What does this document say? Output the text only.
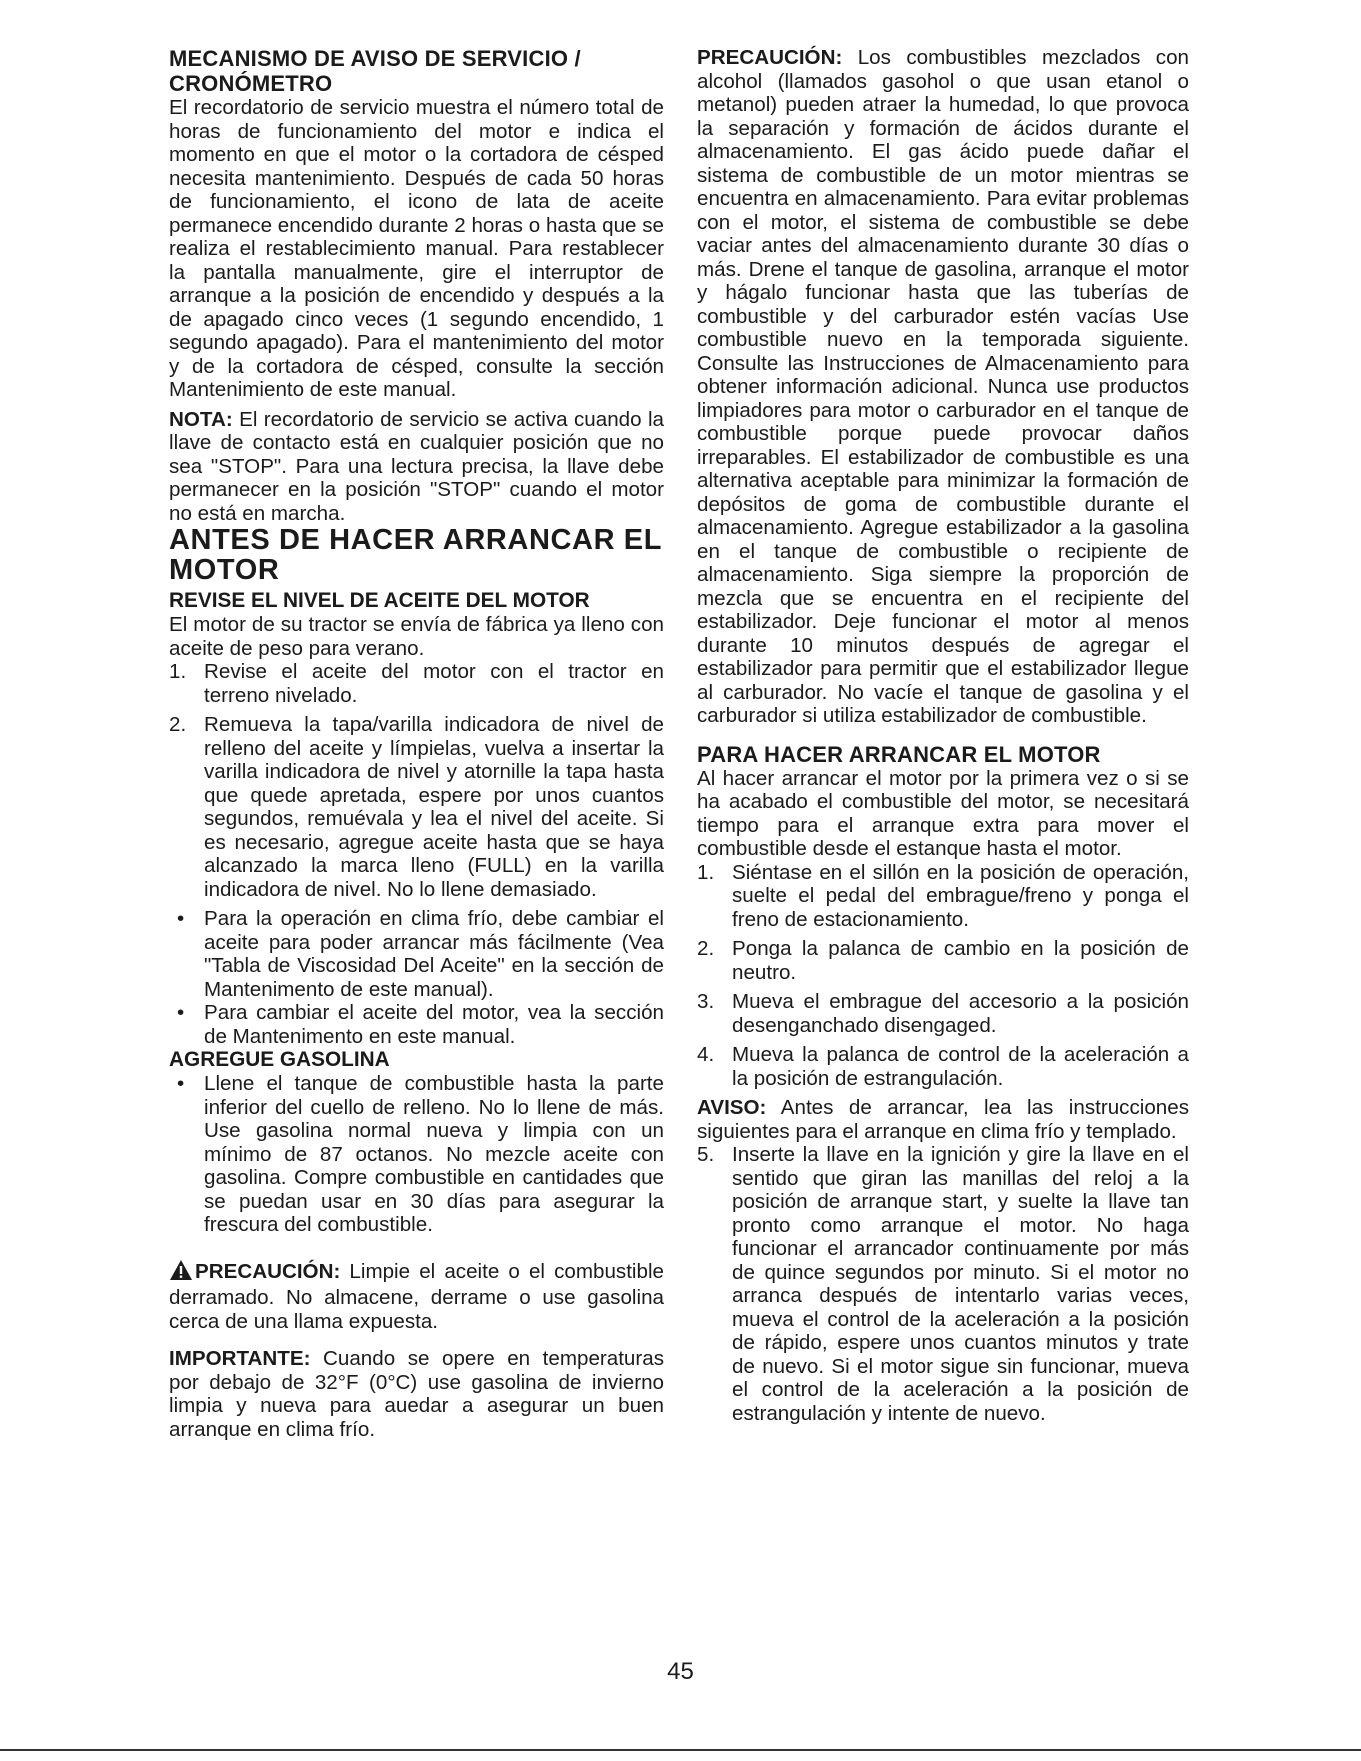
MECANISMO DE AVISO DE SERVICIO / CRONÓMETRO

El recordatorio de servicio muestra el número total de horas de funcionamiento del motor e indica el momento en que el motor o la cortadora de césped necesita mantenimiento. Después de cada 50 horas de funcionamiento, el icono de lata de aceite permanece encendido durante 2 horas o hasta que se realiza el restablecimiento manual. Para restablecer la pantalla manualmente, gire el interruptor de arranque a la posición de encendido y después a la de apagado cinco veces (1 segundo encendido, 1 segundo apagado). Para el mantenimiento del motor y de la cortadora de césped, consulte la sección Mantenimiento de este manual.

NOTA: El recordatorio de servicio se activa cuando la llave de contacto está en cualquier posición que no sea "STOP". Para una lectura precisa, la llave debe permanecer en la posición "STOP" cuando el motor no está en marcha.

ANTES DE HACER ARRANCAR EL MOTOR
REVISE EL NIVEL DE ACEITE DEL MOTOR

El motor de su tractor se envía de fábrica ya lleno con aceite de peso para verano.

1. Revise el aceite del motor con el tractor en terreno nivelado.
2. Remueva la tapa/varilla indicadora de nivel de relleno del aceite y límpielas, vuelva a insertar la varilla indicadora de nivel y atornille la tapa hasta que quede apretada, espere por unos cuantos segundos, remuévala y lea el nivel del aceite. Si es necesario, agregue aceite hasta que se haya alcanzado la marca lleno (FULL) en la varilla indicadora de nivel. No lo llene demasiado.
• Para la operación en clima frío, debe cambiar el aceite para poder arrancar más fácilmente (Vea "Tabla de Viscosidad Del Aceite" en la sección de Mantenimento de este manual).
• Para cambiar el aceite del motor, vea la sección de Mantenimento en este manual.
AGREGUE GASOLINA
• Llene el tanque de combustible hasta la parte inferior del cuello de relleno. No lo llene de más. Use gasolina normal nueva y limpia con un mínimo de 87 octanos. No mezcle aceite con gasolina. Compre combustible en cantidades que se puedan usar en 30 días para asegurar la frescura del combustible.

PRECAUCIÓN: Limpie el aceite o el combustible derramado. No almacene, derrame o use gasolina cerca de una llama expuesta.

IMPORTANTE: Cuando se opere en temperaturas por debajo de 32°F (0°C) use gasolina de invierno limpia y nueva para auedar a asegurar un buen arranque en clima frío.

PRECAUCIÓN: Los combustibles mezclados con alcohol (llamados gasohol o que usan etanol o metanol) pueden atraer la humedad, lo que provoca la separación y formación de ácidos durante el almacenamiento. El gas ácido puede dañar el sistema de combustible de un motor mientras se encuentra en almacenamiento. Para evitar problemas con el motor, el sistema de combustible se debe vaciar antes del almacenamiento durante 30 días o más. Drene el tanque de gasolina, arranque el motor y hágalo funcionar hasta que las tuberías de combustible y del carburador estén vacías Use combustible nuevo en la temporada siguiente. Consulte las Instrucciones de Almacenamiento para obtener información adicional. Nunca use productos limpiadores para motor o carburador en el tanque de combustible porque puede provocar daños irreparables. El estabilizador de combustible es una alternativa aceptable para minimizar la formación de depósitos de goma de combustible durante el almacenamiento. Agregue estabilizador a la gasolina en el tanque de combustible o recipiente de almacenamiento. Siga siempre la proporción de mezcla que se encuentra en el recipiente del estabilizador. Deje funcionar el motor al menos durante 10 minutos después de agregar el estabilizador para permitir que el estabilizador llegue al carburador. No vacíe el tanque de gasolina y el carburador si utiliza estabilizador de combustible.

PARA HACER ARRANCAR EL MOTOR

Al hacer arrancar el motor por la primera vez o si se ha acabado el combustible del motor, se necesitará tiempo para el arranque extra para mover el combustible desde el estanque hasta el motor.

1. Siéntase en el sillón en la posición de operación, suelte el pedal del embrague/freno y ponga el freno de estacionamiento.
2. Ponga la palanca de cambio en la posición de neutro.
3. Mueva el embrague del accesorio a la posición desenganchado disengaged.
4. Mueva la palanca de control de la aceleración a la posición de estrangulación.

AVISO: Antes de arrancar, lea las instrucciones siguientes para el arranque en clima frío y templado.

5. Inserte la llave en la ignición y gire la llave en el sentido que giran las manillas del reloj a la posición de arranque start, y suelte la llave tan pronto como arranque el motor. No haga funcionar el arrancador continuamente por más de quince segundos por minuto. Si el motor no arranca después de intentarlo varias veces, mueva el control de la aceleración a la posición de rápido, espere unos cuantos minutos y trate de nuevo. Si el motor sigue sin funcionar, mueva el control de la aceleración a la posición de estrangulación y intente de nuevo.
45
